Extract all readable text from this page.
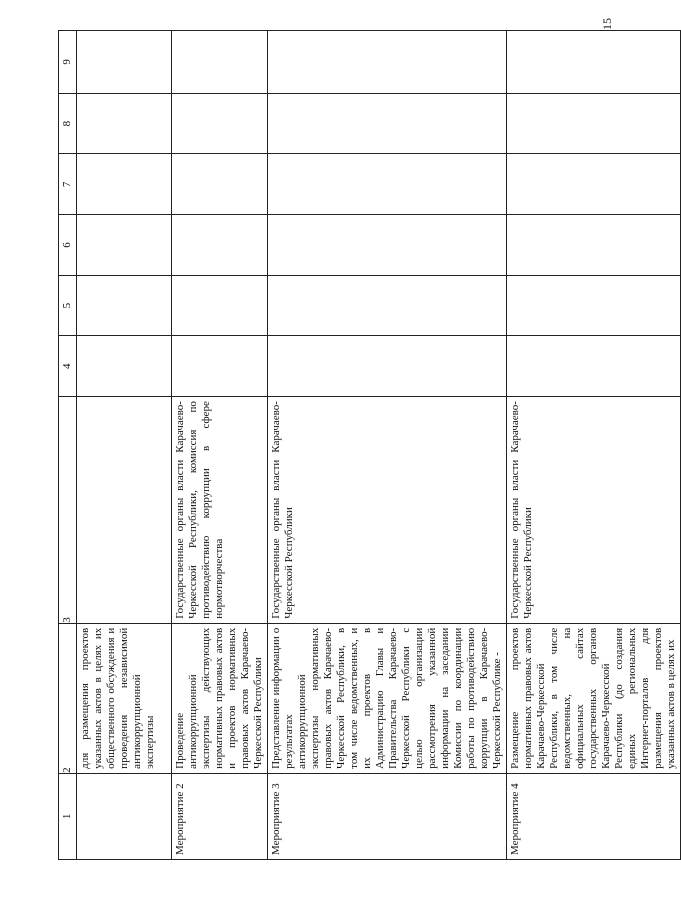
15
1	2	3	4	5	6	7	8	9
	для размещения проектов указанных актов в целях их общественного обсуждения и проведения независимой антикоррупционной экспертизы							
Мероприятие 2	Проведение антикоррупционной экспертизы действующих нормативных правовых актов и проектов нормативных правовых актов Карачаево-Черкесской Республики	Государственные органы власти Карачаево-Черкесской Республики, комиссия по противодействию коррупции в сфере нормотворчества						
Мероприятие 3	Представление информации о результатах антикоррупционной экспертизы нормативных правовых актов Карачаево-Черкесской Республики, в том числе ведомственных, и их проектов в Администрацию Главы и Правительства Карачаево-Черкесской Республики с целью организации рассмотрения указанной информации на заседании Комиссии по координации работы по противодействию коррупции в Карачаево-Черкесской Республике -	Государственные органы власти Карачаево-Черкесской Республики						
Мероприятие 4	Размещение проектов нормативных правовых актов Карачаево-Черкесской Республики, в том числе ведомственных, на официальных сайтах государственных органов Карачаево-Черкесской Республики (до создания единых региональных Интернет-порталов для размещения проектов указанных актов в целях их	Государственные органы власти Карачаево-Черкесской Республики						
